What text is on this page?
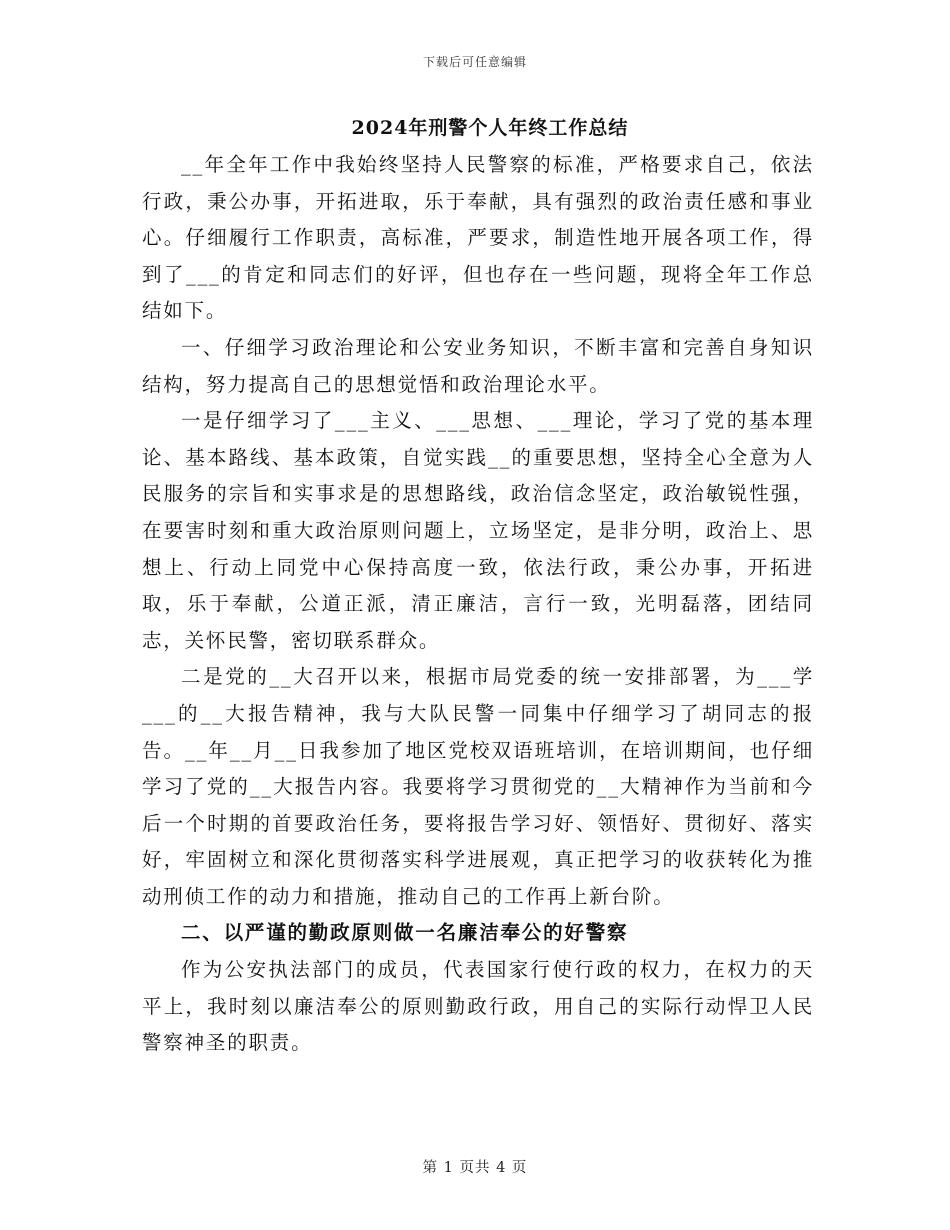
下载后可任意编辑
2024年刑警个人年终工作总结

__年全年工作中我始终坚持人民警察的标准，严格要求自己，依法行政，秉公办事，开拓进取，乐于奉献，具有强烈的政治责任感和事业心。仔细履行工作职责，高标准，严要求，制造性地开展各项工作，得到了___的肯定和同志们的好评，但也存在一些问题，现将全年工作总结如下。

一、仔细学习政治理论和公安业务知识，不断丰富和完善自身知识结构，努力提高自己的思想觉悟和政治理论水平。

一是仔细学习了___主义、___思想、___理论，学习了党的基本理论、基本路线、基本政策，自觉实践__的重要思想，坚持全心全意为人民服务的宗旨和实事求是的思想路线，政治信念坚定，政治敏锐性强，在要害时刻和重大政治原则问题上，立场坚定，是非分明，政治上、思想上、行动上同党中心保持高度一致，依法行政，秉公办事，开拓进取，乐于奉献，公道正派，清正廉洁，言行一致，光明磊落，团结同志，关怀民警，密切联系群众。

二是党的__大召开以来，根据市局党委的统一安排部署，为___学___的__大报告精神，我与大队民警一同集中仔细学习了胡同志的报告。__年__月__日我参加了地区党校双语班培训，在培训期间，也仔细学习了党的__大报告内容。我要将学习贯彻党的__大精神作为当前和今后一个时期的首要政治任务，要将报告学习好、领悟好、贯彻好、落实好，牢固树立和深化贯彻落实科学进展观，真正把学习的收获转化为推动刑侦工作的动力和措施，推动自己的工作再上新台阶。

二、以严谨的勤政原则做一名廉洁奉公的好警察

作为公安执法部门的成员，代表国家行使行政的权力，在权力的天平上，我时刻以廉洁奉公的原则勤政行政，用自己的实际行动悍卫人民警察神圣的职责。

第 1 页共 4 页
